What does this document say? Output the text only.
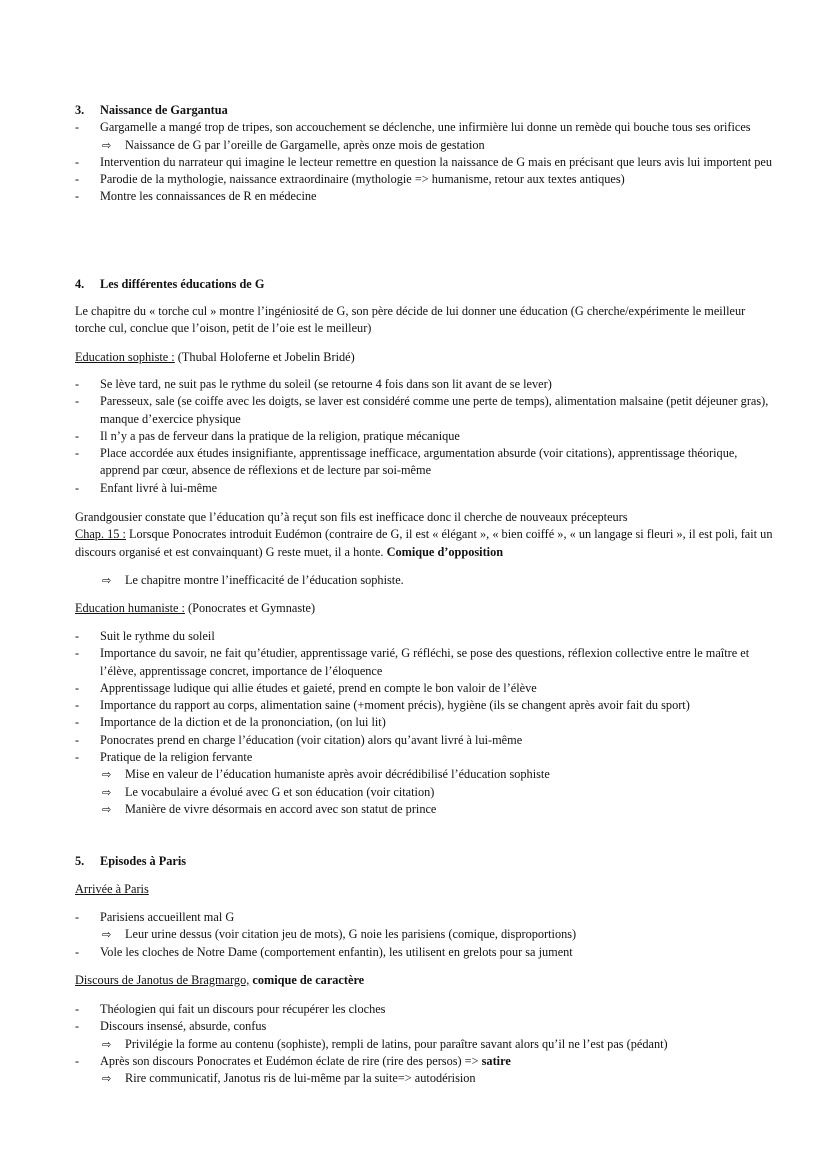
3. Naissance de Gargantua
- Gargamelle a mangé trop de tripes, son accouchement se déclenche, une infirmière lui donne un remède qui bouche tous ses orifices
⇨ Naissance de G par l’oreille de Gargamelle, après onze mois de gestation
- Intervention du narrateur qui imagine le lecteur remettre en question la naissance de G mais en précisant que leurs avis lui importent peu
- Parodie de la mythologie, naissance extraordinaire (mythologie => humanisme, retour aux textes antiques)
- Montre les connaissances de R en médecine
4. Les différentes éducations de G

Le chapitre du « torche cul » montre l’ingéniosité de G, son père décide de lui donner une éducation (G cherche/expérimente le meilleur torche cul, conclue que l’oison, petit de l’oie est le meilleur)

Education sophiste : (Thubal Holoferne et Jobelin Bridé)

- Se lève tard, ne suit pas le rythme du soleil (se retourne 4 fois dans son lit avant de se lever)
- Paresseux, sale (se coiffe avec les doigts, se laver est considéré comme une perte de temps), alimentation malsaine (petit déjeuner gras), manque d’exercice physique
- Il n’y a pas de ferveur dans la pratique de la religion, pratique mécanique
- Place accordée aux études insignifiante, apprentissage inefficace, argumentation absurde (voir citations), apprentissage théorique, apprend par cœur, absence de réflexions et de lecture par soi-même
- Enfant livré à lui-même

Grandgousier constate que l’éducation qu’à reçut son fils est inefficace donc il cherche de nouveaux précepteurs

Chap. 15 : Lorsque Ponocrates introduit Eudémon (contraire de G, il est « élégant », « bien coiffé », « un langage si fleuri », il est poli, fait un discours organisé et est convainquant) G reste muet, il a honte. Comique d’opposition

⇨ Le chapitre montre l’inefficacité de l’éducation sophiste.

Education humaniste : (Ponocrates et Gymnaste)

- Suit le rythme du soleil
- Importance du savoir, ne fait qu’étudier, apprentissage varié, G réfléchi, se pose des questions, réflexion collective entre le maître et l’élève, apprentissage concret, importance de l’éloquence
- Apprentissage ludique qui allie études et gaieté, prend en compte le bon valoir de l’élève
- Importance du rapport au corps, alimentation saine (+moment précis), hygiène (ils se changent après avoir fait du sport)
- Importance de la diction et de la prononciation, (on lui lit)
- Ponocrates prend en charge l’éducation (voir citation) alors qu’avant livré à lui-même
- Pratique de la religion fervante
⇨ Mise en valeur de l’éducation humaniste après avoir décrédibilisé l’éducation sophiste
⇨ Le vocabulaire a évolué avec G et son éducation (voir citation)
⇨ Manière de vivre désormais en accord avec son statut de prince
5. Episodes à Paris

Arrivée à Paris

- Parisiens accueillent mal G
⇨ Leur urine dessus (voir citation jeu de mots), G noie les parisiens (comique, disproportions)
- Vole les cloches de Notre Dame (comportement enfantin), les utilisent en grelots pour sa jument

Discours de Janotus de Bragmargo, comique de caractère

- Théologien qui fait un discours pour récupérer les cloches
- Discours insensé, absurde, confus
⇨ Privilégie la forme au contenu (sophiste), rempli de latins, pour paraître savant alors qu’il ne l’est pas (pédant)
- Après son discours Ponocrates et Eudémon éclate de rire (rire des persos) => satire
⇨ Rire communicatif, Janotus ris de lui-même par la suite=> autodérision
